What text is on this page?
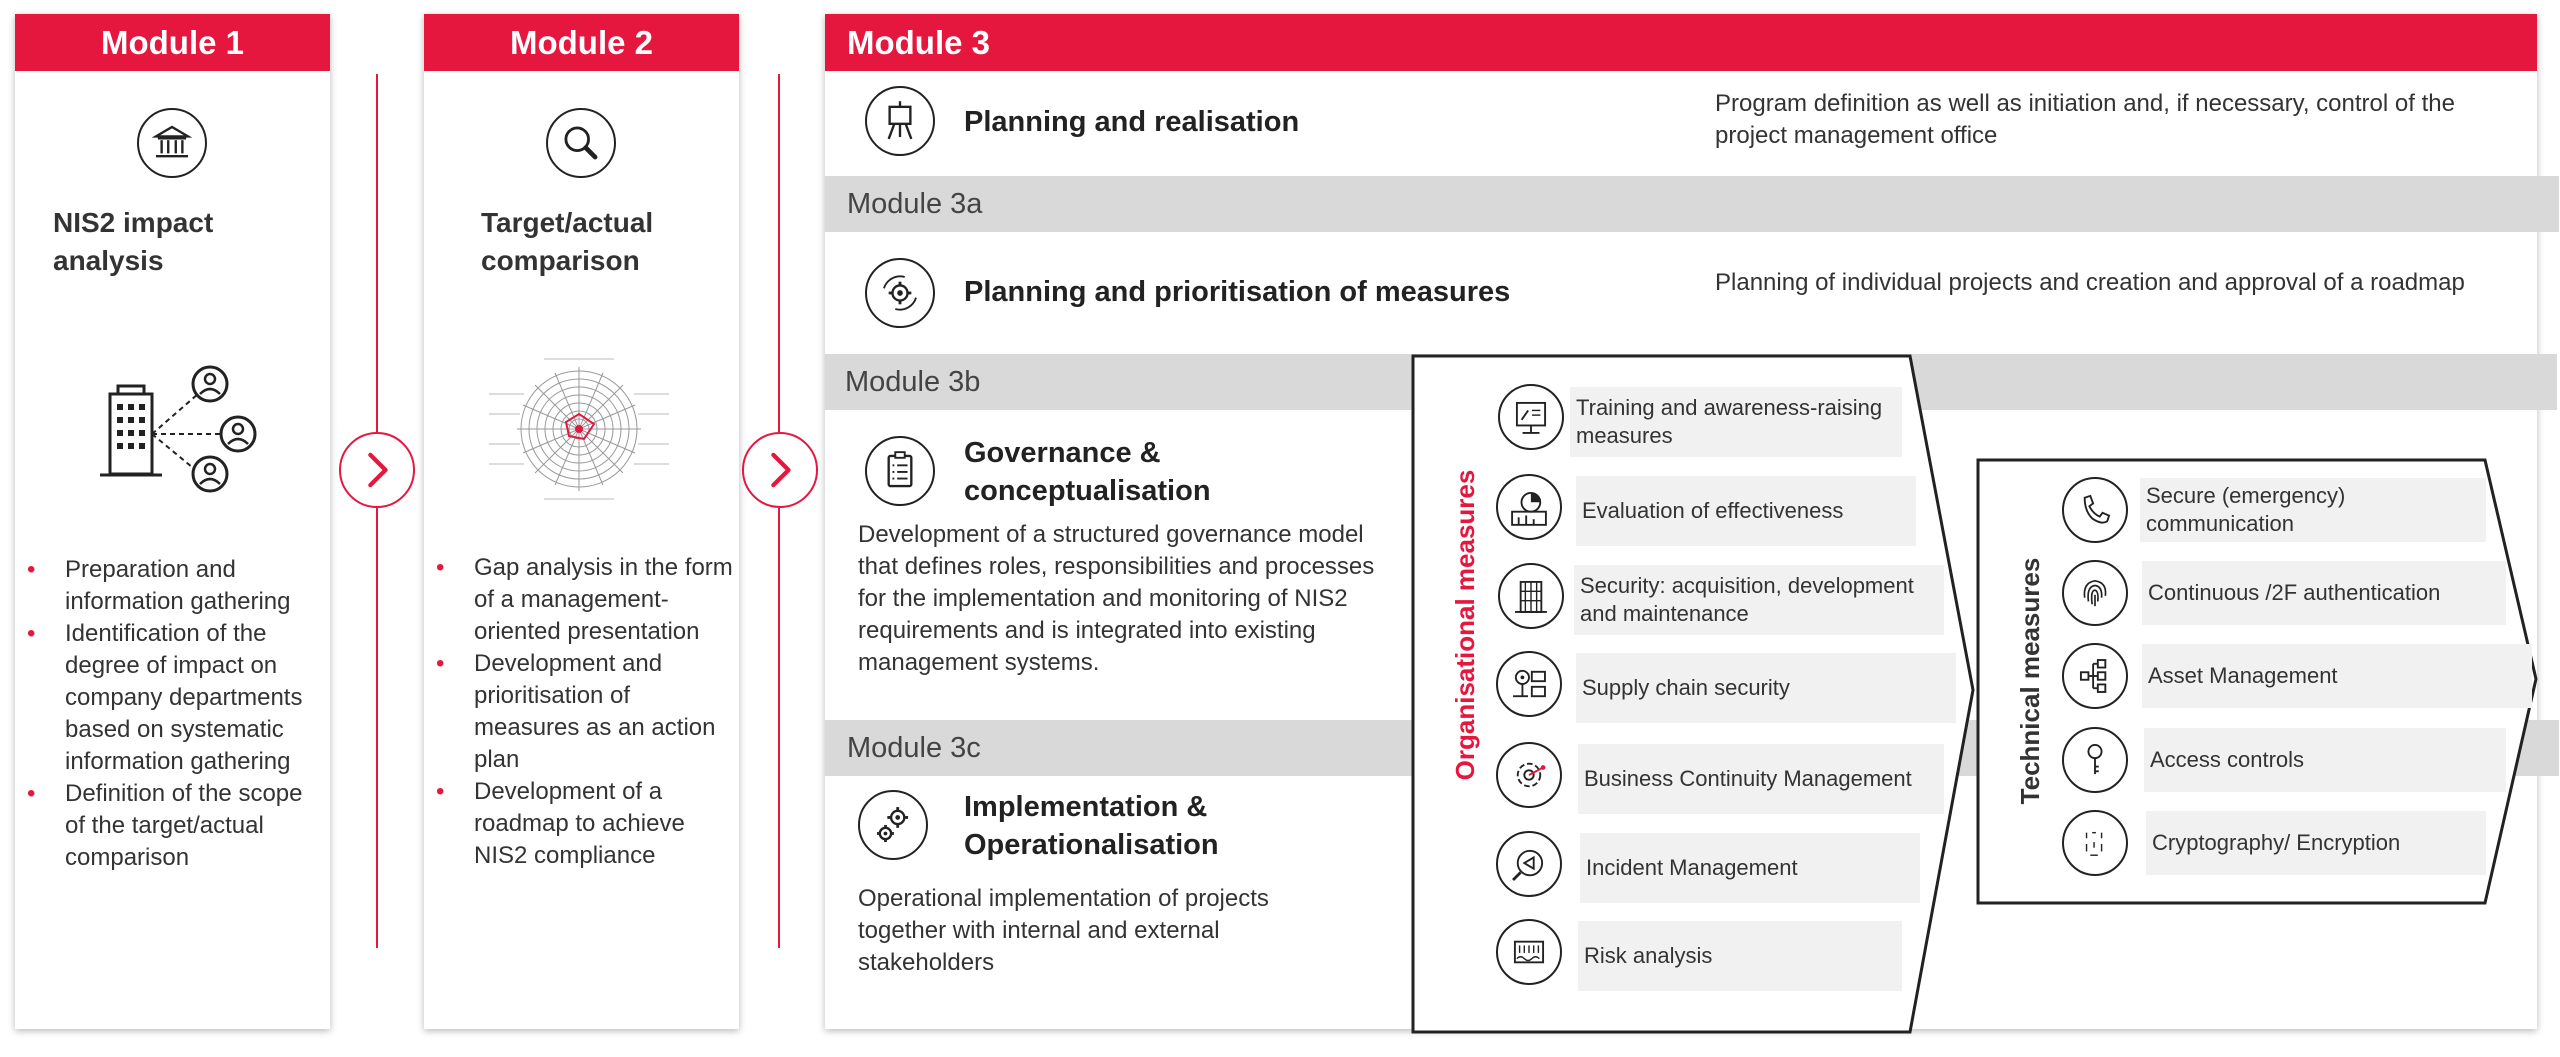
Module 1
NIS2 impact analysis
• Preparation and information gathering
• Identification of the degree of impact on company departments based on systematic information gathering
• Definition of the scope of the target/actual comparison
Module 2
Target/actual comparison
• Gap analysis in the form of a management-oriented presentation
• Development and prioritisation of measures as an action plan
• Development of a roadmap to achieve NIS2 compliance
Module 3
Planning and realisation
Program definition as well as initiation and, if necessary, control of the project management office
Module 3a
Planning and prioritisation of measures	Planning of individual projects and creation and approval of a roadmap
Module 3b
Governance & conceptualisation
Development of a structured governance model that defines roles, responsibilities and processes for the implementation and monitoring of NIS2 requirements and is integrated into existing management systems.
Module 3c
Implementation & Operationalisation
Operational implementation of projects together with internal and external stakeholders
Organisational measures
Training and awareness-raising measures
Evaluation of effectiveness
Security: acquisition, development and maintenance
Supply chain security
Business Continuity Management
Incident Management
Risk analysis
Technical measures
Secure (emergency) communication
Continuous /2F authentication
Asset Management
Access controls
Cryptography/ Encryption
